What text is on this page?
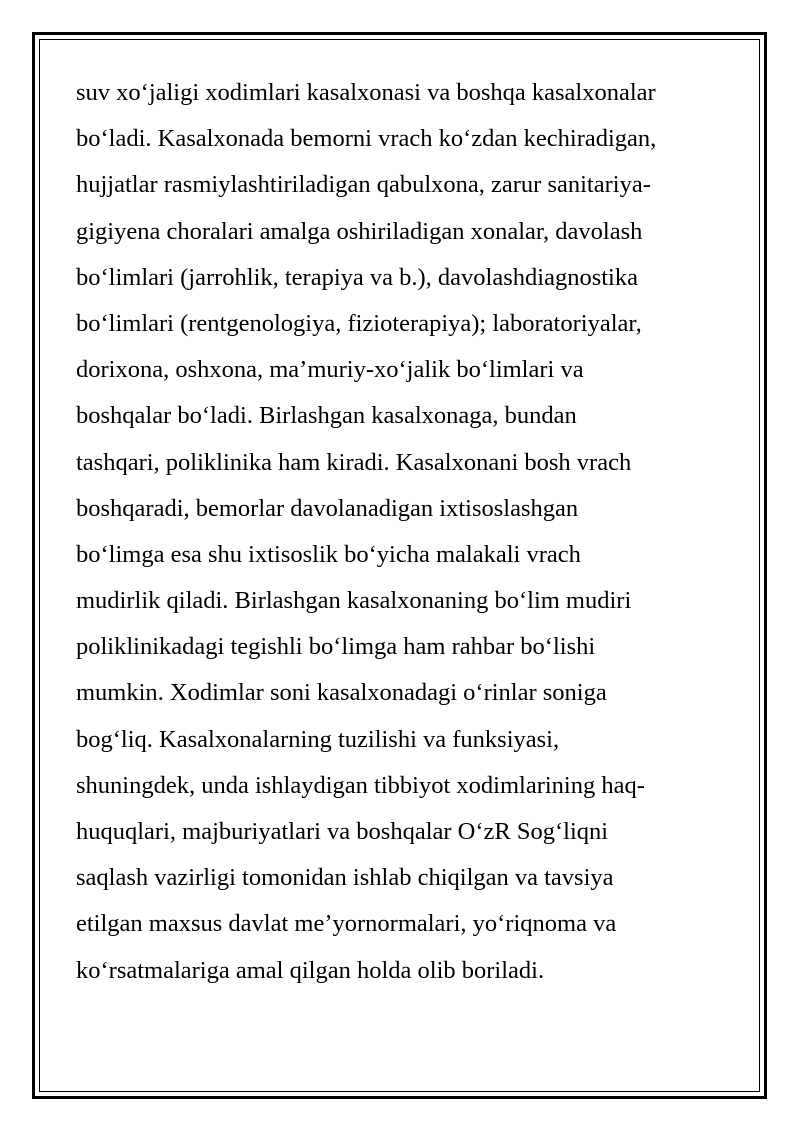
suv xo‘jaligi xodimlari kasalxonasi va boshqa kasalxonalar
bo‘ladi. Kasalxonada bemorni vrach ko‘zdan kechiradigan,
hujjatlar rasmiylashtiriladigan qabulxona, zarur sanitariya-
gigiyena choralari amalga oshiriladigan xonalar, davolash
bo‘limlari (jarrohlik, terapiya va b.), davolashdiagnostika
bo‘limlari (rentgenologiya, fizioterapiya); laboratoriyalar,
dorixona, oshxona, ma’muriy-xo‘jalik bo‘limlari va
boshqalar bo‘ladi. Birlashgan kasalxonaga, bundan
tashqari, poliklinika ham kiradi. Kasalxonani bosh vrach
boshqaradi, bemorlar davolanadigan ixtisoslashgan
bo‘limga esa shu ixtisoslik bo‘yicha malakali vrach
mudirlik qiladi. Birlashgan kasalxonaning bo‘lim mudiri
poliklinikadagi tegishli bo‘limga ham rahbar bo‘lishi
mumkin. Xodimlar soni kasalxonadagi o‘rinlar soniga
bog‘liq. Kasalxonalarning tuzilishi va funksiyasi,
shuningdek, unda ishlaydigan tibbiyot xodimlarining haq-
huquqlari, majburiyatlari va boshqalar O‘zR Sog‘liqni
saqlash vazirligi tomonidan ishlab chiqilgan va tavsiya
etilgan maxsus davlat me’yornormalari, yo‘riqnoma va
ko‘rsatmalariga amal qilgan holda olib boriladi.
